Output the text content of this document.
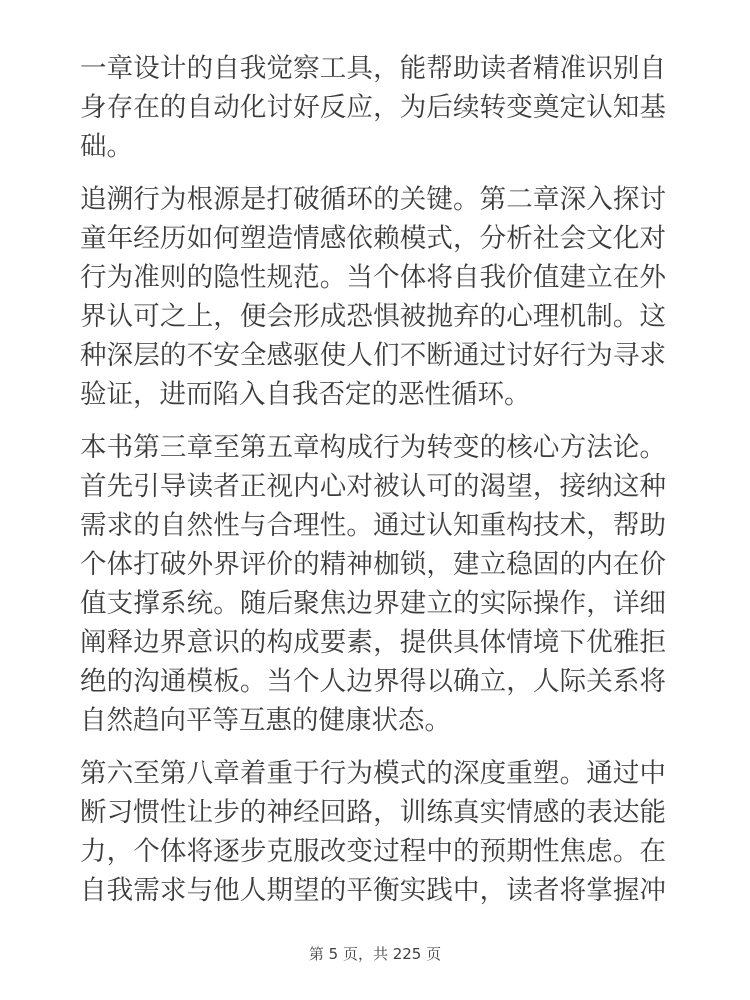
一章设计的自我觉察工具，能帮助读者精准识别自
身存在的自动化讨好反应，为后续转变奠定认知基
础。
追溯行为根源是打破循环的关键。第二章深入探讨
童年经历如何塑造情感依赖模式，分析社会文化对
行为准则的隐性规范。当个体将自我价值建立在外
界认可之上，便会形成恐惧被抛弃的心理机制。这
种深层的不安全感驱使人们不断通过讨好行为寻求
验证，进而陷入自我否定的恶性循环。
本书第三章至第五章构成行为转变的核心方法论。
首先引导读者正视内心对被认可的渴望，接纳这种
需求的自然性与合理性。通过认知重构技术，帮助
个体打破外界评价的精神枷锁，建立稳固的内在价
值支撑系统。随后聚焦边界建立的实际操作，详细
阐释边界意识的构成要素，提供具体情境下优雅拒
绝的沟通模板。当个人边界得以确立，人际关系将
自然趋向平等互惠的健康状态。
第六至第八章着重于行为模式的深度重塑。通过中
断习惯性让步的神经回路，训练真实情感的表达能
力，个体将逐步克服改变过程中的预期性焦虑。在
自我需求与他人期望的平衡实践中，读者将掌握冲
第 5 页，共 225 页
